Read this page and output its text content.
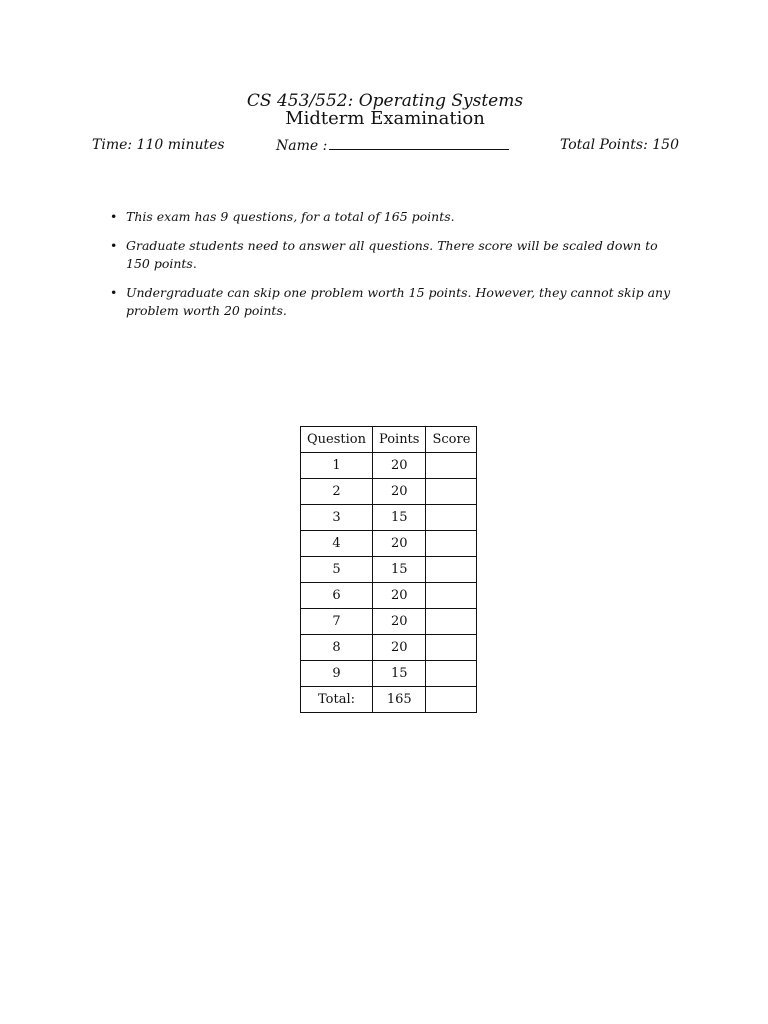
CS 453/552: Operating Systems
Midterm Examination
Time: 110 minutes	Name :	Total Points: 150
• This exam has 9 questions, for a total of 165 points.
• Graduate students need to answer all questions. There score will be scaled down to 150 points.
• Undergraduate can skip one problem worth 15 points. However, they cannot skip any problem worth 20 points.
Question	Points	Score
1	20	
2	20	
3	15	
4	20	
5	15	
6	20	
7	20	
8	20	
9	15	
Total:	165	
